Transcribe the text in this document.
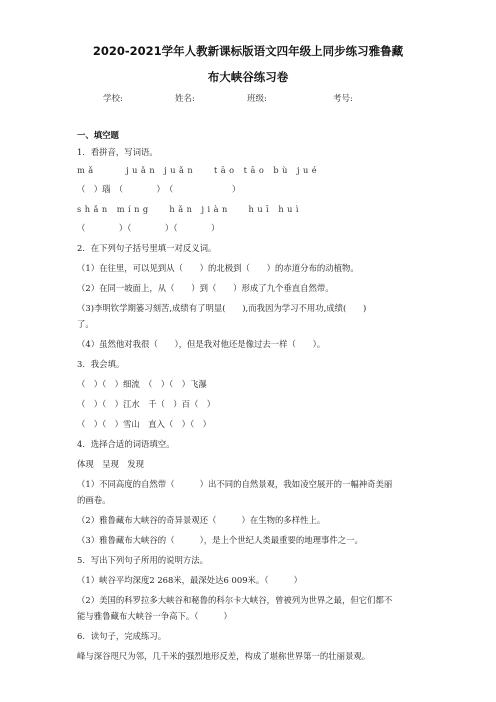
2020-2021学年人教新课标版语文四年级上同步练习雅鲁藏
布大峡谷练习卷
学校:	姓名:	班级:	考号:
一、填空题
1．看拼音，写词语。
mǎ　　 juǎn juǎn　 tāo tāo bù jué
（　）瑙　（　　　　）　（　　　　　　　）
shǎn míng　 hǎn jiàn　 huī huì
（　　　　）（　　　　）（　　　　）
2．在下列句子括号里填一对反义词。
（1）在往里，可以见到从（　　）的北极到（　　）的赤道分布的动植物。
（2）在同一坡面上，从（　　）到（　　）形成了九个垂直自然带。
（3)李明钦学期篓习刻苦,成绩有了明显(　　),而我因为学习不用功,成绩(　　)
了。
（4）虽然他对我很（　　），但是我对他还是像过去一样（　　）。
3．我会填。
（　）（　）细流　（　）（　）飞瀑
（　）（　）江水　千（　）百（　）
（　）（　）雪山　直入（　）（　）
4．选择合适的词语填空。
体现　呈现　发现
（1）不同高度的自然带（　　　）出不同的自然景观，我如凌空展开的一幅神奇美丽
的画卷。
（2）雅鲁藏布大峡谷的奇异景观还（　　　）在生物的多样性上。
（3）雅鲁藏布大峡谷的（　　　），是上个世纪人类最重要的地理事件之一。
5．写出下列句子所用的说明方法。
（1）峡谷平均深度2 268米，最深处达6 009米。（　　　）
（2）美国的科罗拉多大峡谷和秘鲁的科尔卡大峡谷，曾被列为世界之最，但它们都不
能与雅鲁藏布大峡谷一争高下。（　　　）
6．读句子，完成练习。
峰与深谷咫尺为邻，几千米的强烈地形反差，构成了堪称世界第一的壮丽景观。
